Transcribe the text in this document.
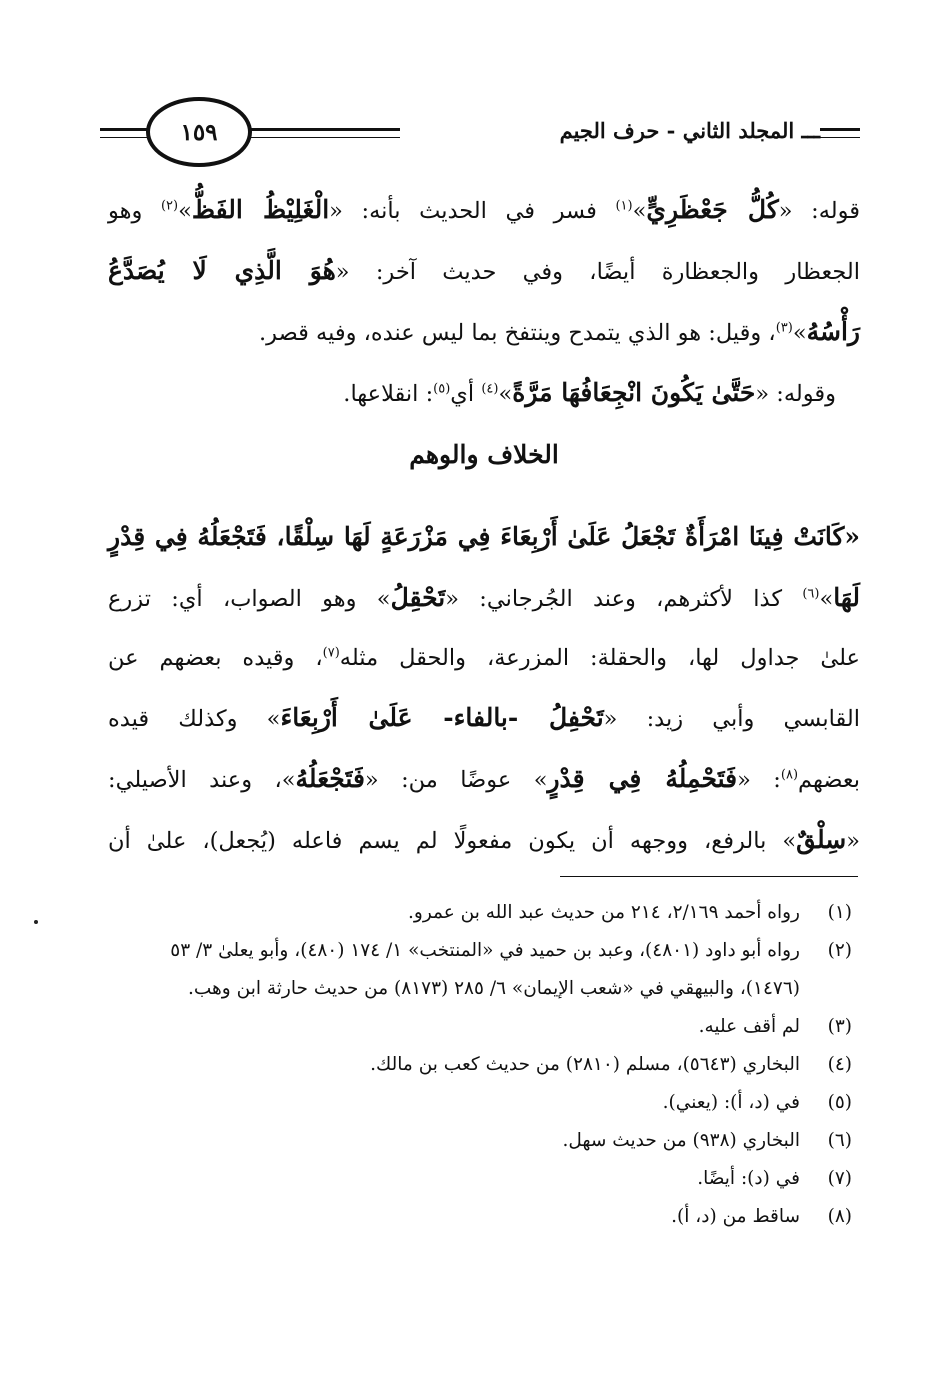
ـــ المجلد الثاني - حرف الجيم
١٥٩
قوله: «كُلُّ جَعْظَرِيٍّ»$^{(١)}$ فسر في الحديث بأنه: «الْغَلِيْظُ الفَظُّ»$^{(٢)}$ وهو
الجعظار والجعظارة أيضًا، وفي حديث آخر: «هُوَ الَّذِي لَا يُصَدَّعُ
رَأْسُهُ»$^{(٣)}$، وقيل: هو الذي يتمدح وينتفخ بما ليس عنده، وفيه قصر.
وقوله: «حَتَّىٰ يَكُونَ انْجِعَافُهَا مَرَّةً»$^{(٤)}$ أي$^{(٥)}$: انقلاعها.
الخلاف والوهم
«كَانَتْ فِينَا امْرَأَةٌ تَجْعَلُ عَلَىٰ أَرْبِعَاءَ فِي مَزْرَعَةٍ لَهَا سِلْقًا، فَتَجْعَلُهُ فِي قِدْرٍ
لَهَا»$^{(٦)}$ كذا لأكثرهم، وعند الجُرجاني: «تَحْقِلُ» وهو الصواب، أي: تزرع
علىٰ جداول لها، والحقلة: المزرعة، والحقل مثله$^{(٧)}$، وقيده بعضهم عن
القابسي وأبي زيد: «تَحْفِلُ -بالفاء- عَلَىٰ أَرْبِعَاءَ» وكذلك قيده
بعضهم$^{(٨)}$: «فَتَحْمِلُهُ فِي قِدْرٍ» عوضًا من: «فَتَجْعَلُهُ»، وعند الأصيلي:
«سِلْقٌ» بالرفع، ووجهه أن يكون مفعولًا لم يسم فاعله (يُجعل)، علىٰ أن
(١)
رواه أحمد ٢/١٦٩، ٢١٤ من حديث عبد الله بن عمرو.
(٢)
رواه أبو داود (٤٨٠١)، وعبد بن حميد في «المنتخب» ١/ ١٧٤ (٤٨٠)، وأبو يعلىٰ ٣/ ٥٣ (١٤٧٦)، والبيهقي في «شعب الإيمان» ٦/ ٢٨٥ (٨١٧٣) من حديث حارثة ابن وهب.
(٣)
لم أقف عليه.
(٤)
البخاري (٥٦٤٣)، مسلم (٢٨١٠) من حديث كعب بن مالك.
(٥)
في (د، أ): (يعني).
(٦)
البخاري (٩٣٨) من حديث سهل.
(٧)
في (د): أيضًا.
(٨)
ساقط من (د، أ).
